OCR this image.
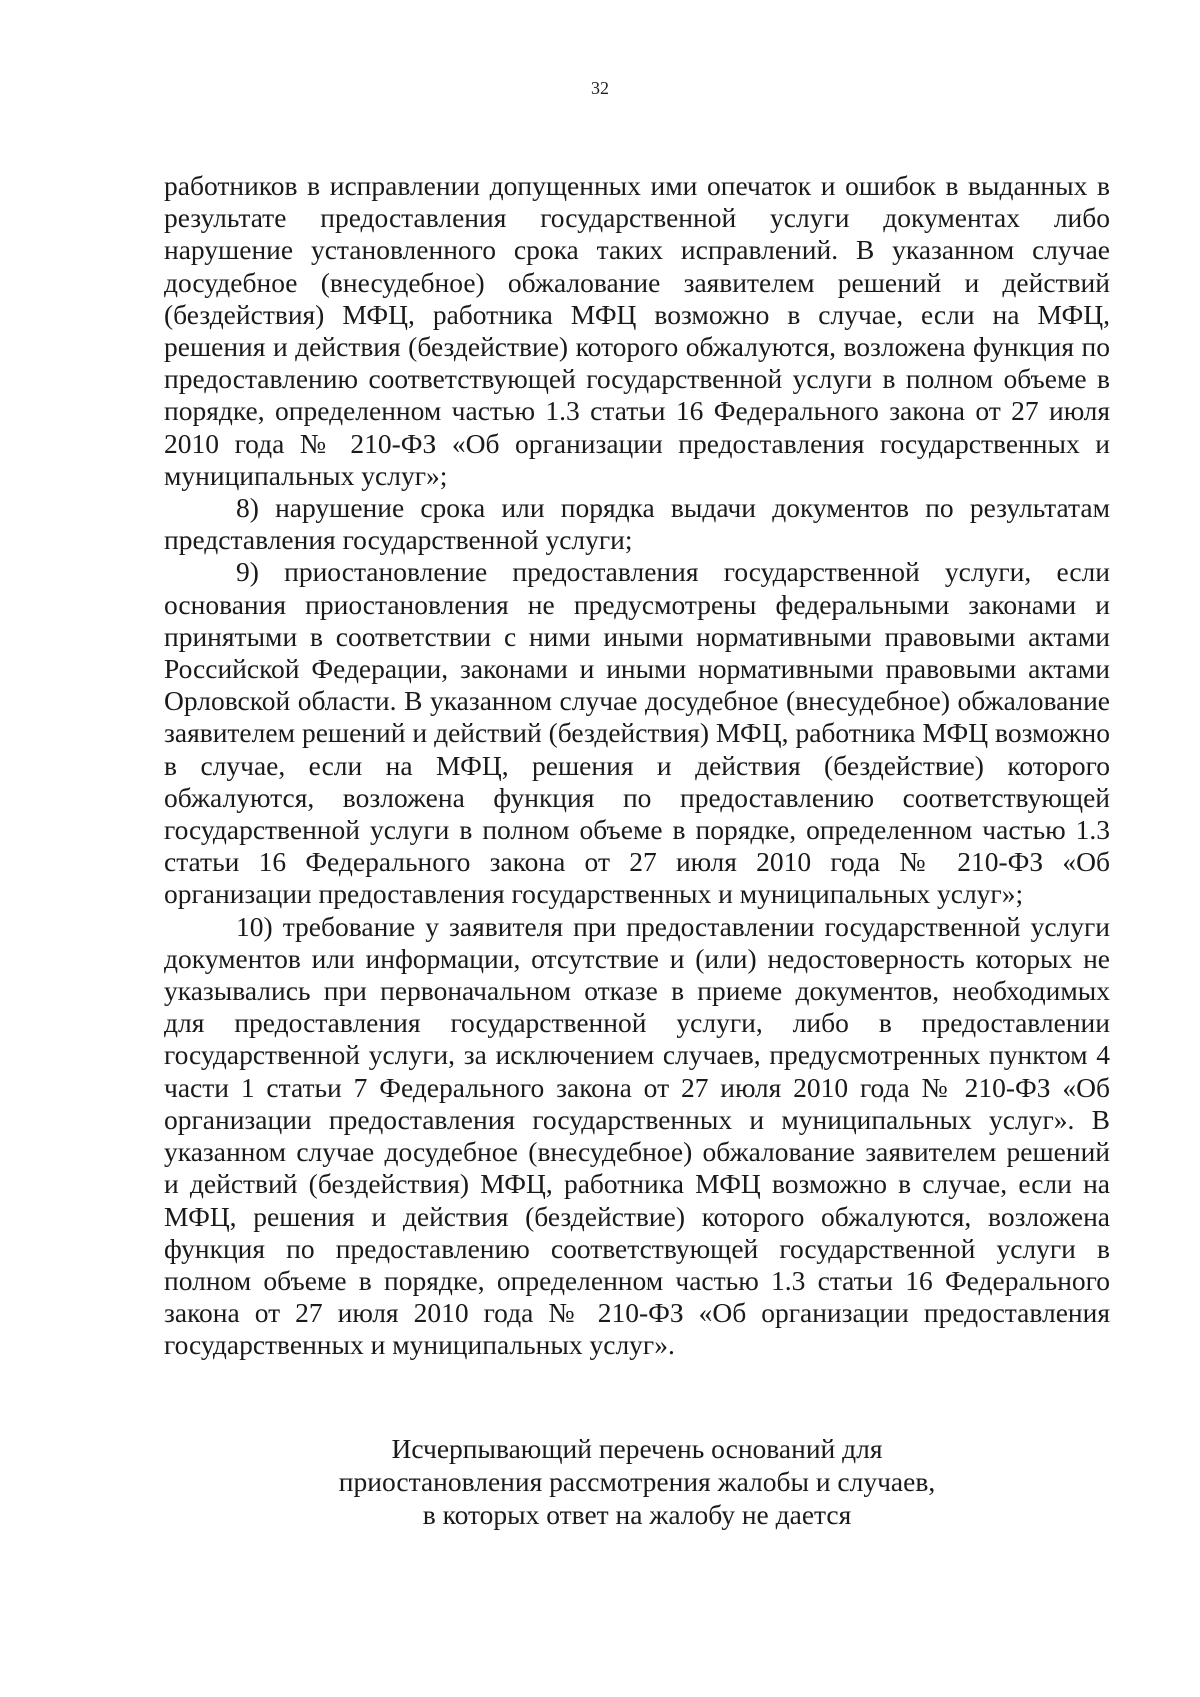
32

работников в исправлении допущенных ими опечаток и ошибок в выданных в результате предоставления государственной услуги документах либо нарушение установленного срока таких исправлений. В указанном случае досудебное (внесудебное) обжалование заявителем решений и действий (бездействия) МФЦ, работника МФЦ возможно в случае, если на МФЦ, решения и действия (бездействие) которого обжалуются, возложена функция по предоставлению соответствующей государственной услуги в полном объеме в порядке, определенном частью 1.3 статьи 16 Федерального закона от 27 июля 2010 года № 210-ФЗ «Об организации предоставления государственных и муниципальных услуг»;

8) нарушение срока или порядка выдачи документов по результатам представления государственной услуги;

9) приостановление предоставления государственной услуги, если основания приостановления не предусмотрены федеральными законами и принятыми в соответствии с ними иными нормативными правовыми актами Российской Федерации, законами и иными нормативными правовыми актами Орловской области. В указанном случае досудебное (внесудебное) обжалование заявителем решений и действий (бездействия) МФЦ, работника МФЦ возможно в случае, если на МФЦ, решения и действия (бездействие) которого обжалуются, возложена функция по предоставлению соответствующей государственной услуги в полном объеме в порядке, определенном частью 1.3 статьи 16 Федерального закона от 27 июля 2010 года № 210-ФЗ «Об организации предоставления государственных и муниципальных услуг»;

10) требование у заявителя при предоставлении государственной услуги документов или информации, отсутствие и (или) недостоверность которых не указывались при первоначальном отказе в приеме документов, необходимых для предоставления государственной услуги, либо в предоставлении государственной услуги, за исключением случаев, предусмотренных пунктом 4 части 1 статьи 7 Федерального закона от 27 июля 2010 года № 210-ФЗ «Об организации предоставления государственных и муниципальных услуг». В указанном случае досудебное (внесудебное) обжалование заявителем решений и действий (бездействия) МФЦ, работника МФЦ возможно в случае, если на МФЦ, решения и действия (бездействие) которого обжалуются, возложена функция по предоставлению соответствующей государственной услуги в полном объеме в порядке, определенном частью 1.3 статьи 16 Федерального закона от 27 июля 2010 года № 210-ФЗ «Об организации предоставления государственных и муниципальных услуг».

Исчерпывающий перечень оснований для
приостановления рассмотрения жалобы и случаев,
в которых ответ на жалобу не дается
